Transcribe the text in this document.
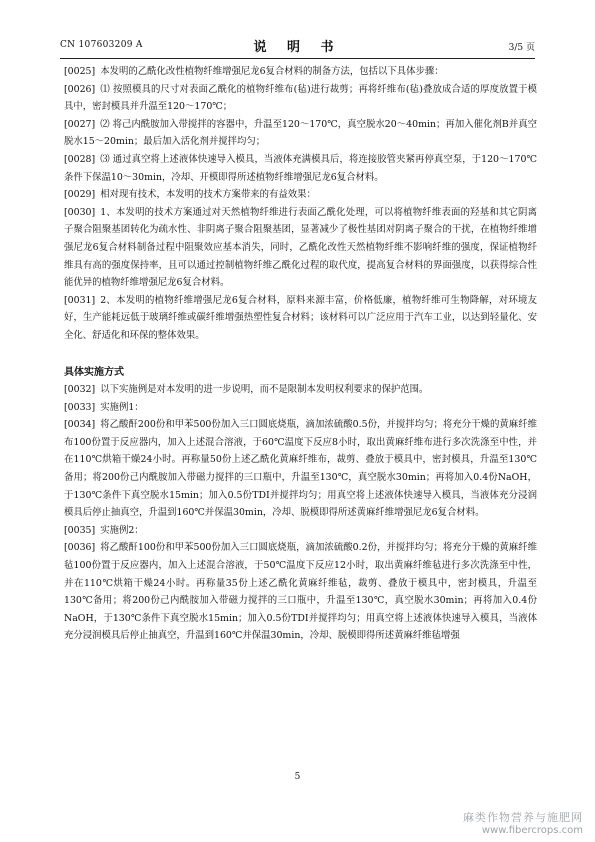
CN 107603209 A	说 明 书	3/5 页

[0025] 本发明的乙酰化改性植物纤维增强尼龙6复合材料的制备方法，包括以下具体步骤：

[0026] ⑴ 按照模具的尺寸对表面乙酰化的植物纤维布(毡)进行裁剪；再将纤维布(毡)叠放成合适的厚度放置于模具中，密封模具并升温至120～170℃；

[0027] ⑵ 将己内酰胺加入带搅拌的容器中，升温至120～170℃，真空脱水20～40min；再加入催化剂B并真空脱水15～20min；最后加入活化剂并搅拌均匀；

[0028] ⑶ 通过真空将上述液体快速导入模具，当液体充满模具后，将连接胶管夹紧再停真空泵，于120～170℃条件下保温10～30min，冷却、开模即得所述植物纤维增强尼龙6复合材料。

[0029] 相对现有技术，本发明的技术方案带来的有益效果：

[0030] 1、本发明的技术方案通过对天然植物纤维进行表面乙酰化处理，可以将植物纤维表面的羟基和其它阴离子聚合阻聚基团转化为疏水性、非阴离子聚合阻聚基团，显著减少了极性基团对阴离子聚合的干扰，在植物纤维增强尼龙6复合材料制备过程中阻聚效应基本消失，同时，乙酰化改性天然植物纤维不影响纤维的强度，保证植物纤维具有高的强度保持率，且可以通过控制植物纤维乙酰化过程的取代度，提高复合材料的界面强度，以获得综合性能优异的植物纤维增强尼龙6复合材料。

[0031] 2、本发明的植物纤维增强尼龙6复合材料，原料来源丰富，价格低廉，植物纤维可生物降解，对环境友好，生产能耗远低于玻璃纤维或碳纤维增强热塑性复合材料；该材料可以广泛应用于汽车工业，以达到轻量化、安全化、舒适化和环保的整体效果。

具体实施方式

[0032] 以下实施例是对本发明的进一步说明，而不是限制本发明权利要求的保护范围。

[0033] 实施例1：

[0034] 将乙酸酐200份和甲苯500份加入三口圆底烧瓶，滴加浓硫酸0.5份，并搅拌均匀；将充分干燥的黄麻纤维布100份置于反应器内，加入上述混合溶液，于60℃温度下反应8小时，取出黄麻纤维布进行多次洗涤至中性，并在110℃烘箱干燥24小时。再称量50份上述乙酰化黄麻纤维布，裁剪、叠放于模具中，密封模具，升温至130℃备用；将200份己内酰胺加入带磁力搅拌的三口瓶中，升温至130℃，真空脱水30min；再将加入0.4份NaOH，于130℃条件下真空脱水15min；加入0.5份TDI并搅拌均匀；用真空将上述液体快速导入模具，当液体充分浸润模具后停止抽真空，升温到160℃并保温30min，冷却、脱模即得所述黄麻纤维增强尼龙6复合材料。

[0035] 实施例2：

[0036] 将乙酸酐100份和甲苯500份加入三口圆底烧瓶，滴加浓硫酸0.2份，并搅拌均匀；将充分干燥的黄麻纤维毡100份置于反应器内，加入上述混合溶液，于50℃温度下反应12小时，取出黄麻纤维毡进行多次洗涤至中性，并在110℃烘箱干燥24小时。再称量35份上述乙酰化黄麻纤维毡，裁剪、叠放于模具中，密封模具，升温至130℃备用；将200份己内酰胺加入带磁力搅拌的三口瓶中，升温至130℃，真空脱水30min；再将加入0.4份NaOH，于130℃条件下真空脱水15min；加入0.5份TDI并搅拌均匀；用真空将上述液体快速导入模具，当液体充分浸润模具后停止抽真空，升温到160℃并保温30min，冷却、脱模即得所述黄麻纤维毡增强

5
麻类作物营养与施肥网
www.fibercrops.com
